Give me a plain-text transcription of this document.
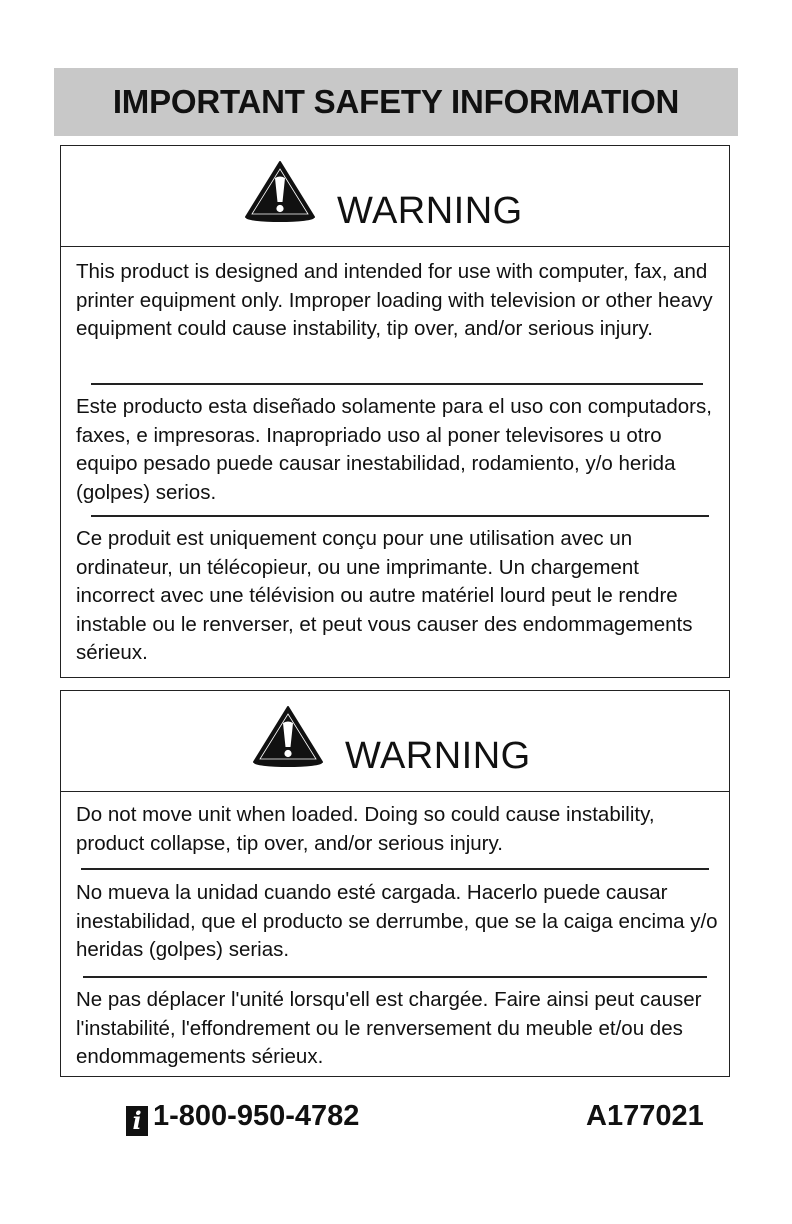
IMPORTANT SAFETY INFORMATION
WARNING

This product is designed and intended for use with computer, fax, and printer equipment only. Improper loading with television or other heavy equipment could cause instability, tip over, and/or serious injury.

Este producto esta diseñado solamente para el uso con computadors, faxes, e impresoras. Inapropriado uso al poner televisores u otro equipo pesado puede causar inestabilidad, rodamiento, y/o herida (golpes) serios.

Ce produit est uniquement conçu pour une utilisation avec un ordinateur, un télécopieur, ou une imprimante. Un chargement incorrect avec une télévision ou autre matériel lourd peut le rendre instable ou le renverser, et peut vous causer des endommagements sérieux.

WARNING

Do not move unit when loaded. Doing so could cause instability, product collapse, tip over, and/or serious injury.

No mueva la unidad cuando esté cargada. Hacerlo puede causar inestabilidad, que el producto se derrumbe, que se la caiga encima y/o heridas (golpes) serias.

Ne pas déplacer l'unité lorsqu'ell est chargée. Faire ainsi peut causer l'instabilité, l'effondrement ou le renversement du meuble et/ou des endommagements sérieux.

i 1-800-950-4782	A177021
